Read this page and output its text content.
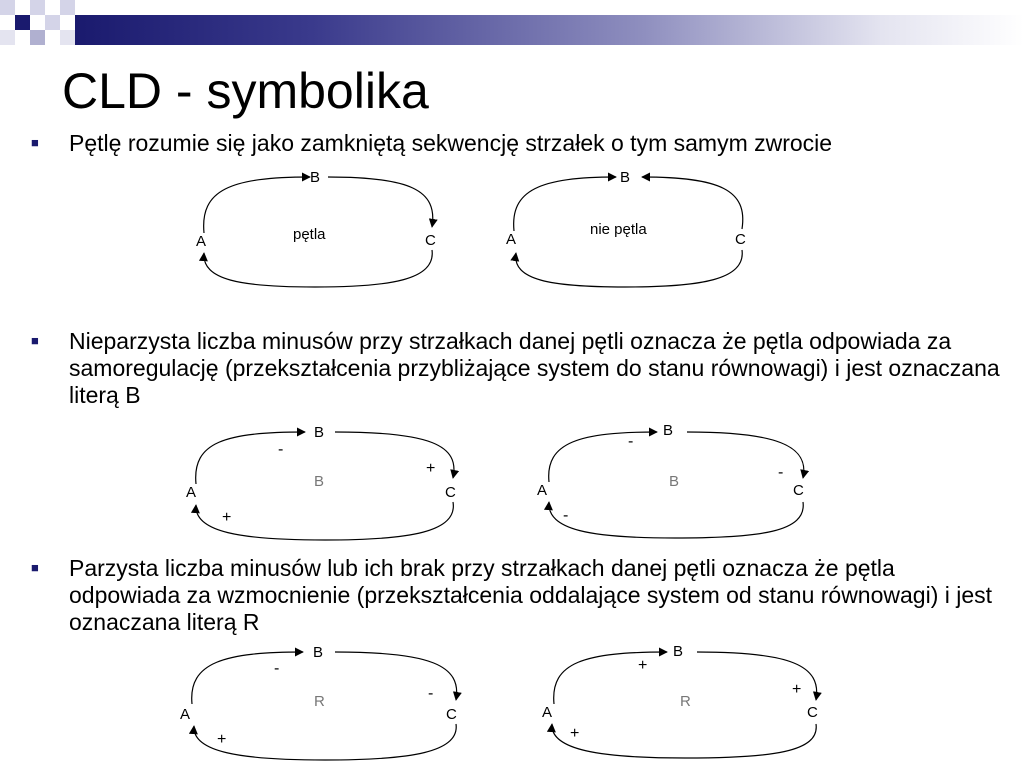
CLD - symbolika
■	Pętlę rozumie się jako zamkniętą sekwencję strzałek o tym samym zwrocie
■	Nieparzysta liczba minusów przy strzałkach danej pętli oznacza że pętla odpowiada za samoregulację (przekształcenia przybliżające system do stanu równowagi) i jest oznaczana literą B
■	Parzysta liczba minusów lub ich brak przy strzałkach danej pętli oznacza że pętla odpowiada za wzmocnienie (przekształcenia oddalające system od stanu równowagi) i jest oznaczana literą R
A
B
C
pętla	A
B
C
nie pętla
A
B
C
B
-
+
+
A
B
C
B
-
-
-
A
B
C
R
-
-
+
A
B
C
R
+
+
+
